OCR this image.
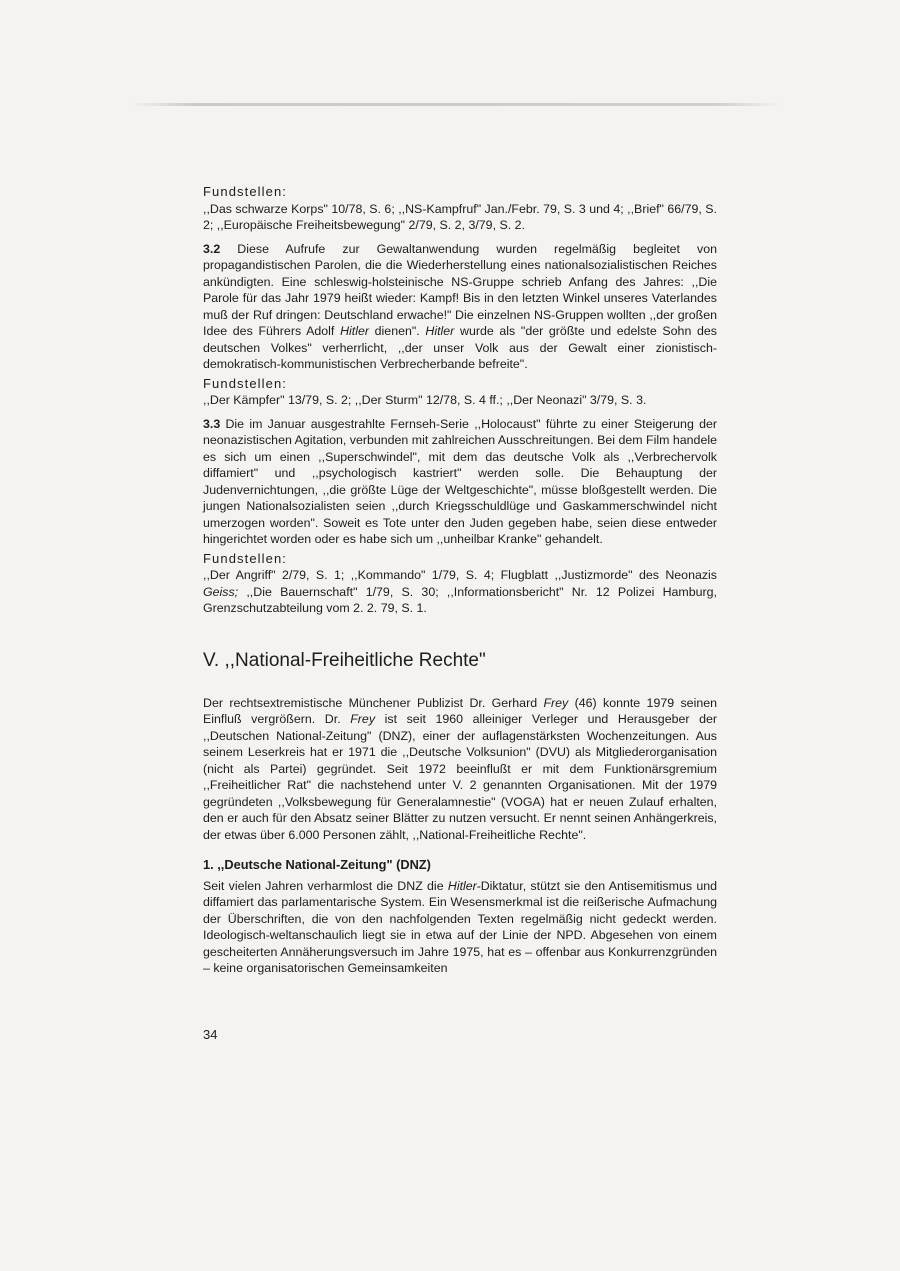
Fundstellen:

,,Das schwarze Korps" 10/78, S. 6; ,,NS-Kampfruf" Jan./Febr. 79, S. 3 und 4; ,,Brief" 66/79, S. 2; ,,Europäische Freiheitsbewegung" 2/79, S. 2, 3/79, S. 2.

3.2 Diese Aufrufe zur Gewaltanwendung wurden regelmäßig begleitet von propagandistischen Parolen, die die Wiederherstellung eines nationalsozialistischen Reiches ankündigten. Eine schleswig-holsteinische NS-Gruppe schrieb Anfang des Jahres: ,,Die Parole für das Jahr 1979 heißt wieder: Kampf! Bis in den letzten Winkel unseres Vaterlandes muß der Ruf dringen: Deutschland erwache!" Die einzelnen NS-Gruppen wollten ,,der großen Idee des Führers Adolf Hitler dienen". Hitler wurde als "der größte und edelste Sohn des deutschen Volkes" verherrlicht, ,,der unser Volk aus der Gewalt einer zionistisch-demokratisch-kommunistischen Verbrecherbande befreite".

Fundstellen:

,,Der Kämpfer" 13/79, S. 2; ,,Der Sturm" 12/78, S. 4 ff.; ,,Der Neonazi" 3/79, S. 3.

3.3 Die im Januar ausgestrahlte Fernseh-Serie ,,Holocaust" führte zu einer Steigerung der neonazistischen Agitation, verbunden mit zahlreichen Ausschreitungen. Bei dem Film handele es sich um einen ,,Superschwindel", mit dem das deutsche Volk als ,,Verbrechervolk diffamiert" und ,,psychologisch kastriert" werden solle. Die Behauptung der Judenvernichtungen, ,,die größte Lüge der Weltgeschichte", müsse bloßgestellt werden. Die jungen Nationalsozialisten seien ,,durch Kriegsschuldlüge und Gaskammerschwindel nicht umerzogen worden". Soweit es Tote unter den Juden gegeben habe, seien diese entweder hingerichtet worden oder es habe sich um ,,unheilbar Kranke" gehandelt.

Fundstellen:

,,Der Angriff" 2/79, S. 1; ,,Kommando" 1/79, S. 4; Flugblatt ,,Justizmorde" des Neonazis Geiss; ,,Die Bauernschaft" 1/79, S. 30; ,,Informationsbericht" Nr. 12 Polizei Hamburg, Grenzschutzabteilung vom 2. 2. 79, S. 1.

V. ,,National-Freiheitliche Rechte"

Der rechtsextremistische Münchener Publizist Dr. Gerhard Frey (46) konnte 1979 seinen Einfluß vergrößern. Dr. Frey ist seit 1960 alleiniger Verleger und Herausgeber der ,,Deutschen National-Zeitung" (DNZ), einer der auflagenstärksten Wochenzeitungen. Aus seinem Leserkreis hat er 1971 die ,,Deutsche Volksunion" (DVU) als Mitgliederorganisation (nicht als Partei) gegründet. Seit 1972 beeinflußt er mit dem Funktionärsgremium ,,Freiheitlicher Rat" die nachstehend unter V. 2 genannten Organisationen. Mit der 1979 gegründeten ,,Volksbewegung für Generalamnestie" (VOGA) hat er neuen Zulauf erhalten, den er auch für den Absatz seiner Blätter zu nutzen versucht. Er nennt seinen Anhängerkreis, der etwas über 6.000 Personen zählt, ,,National-Freiheitliche Rechte".

1. ,,Deutsche National-Zeitung" (DNZ)

Seit vielen Jahren verharmlost die DNZ die Hitler-Diktatur, stützt sie den Antisemitismus und diffamiert das parlamentarische System. Ein Wesensmerkmal ist die reißerische Aufmachung der Überschriften, die von den nachfolgenden Texten regelmäßig nicht gedeckt werden. Ideologisch-weltanschaulich liegt sie in etwa auf der Linie der NPD. Abgesehen von einem gescheiterten Annäherungsversuch im Jahre 1975, hat es – offenbar aus Konkurrenzgründen – keine organisatorischen Gemeinsamkeiten

34
